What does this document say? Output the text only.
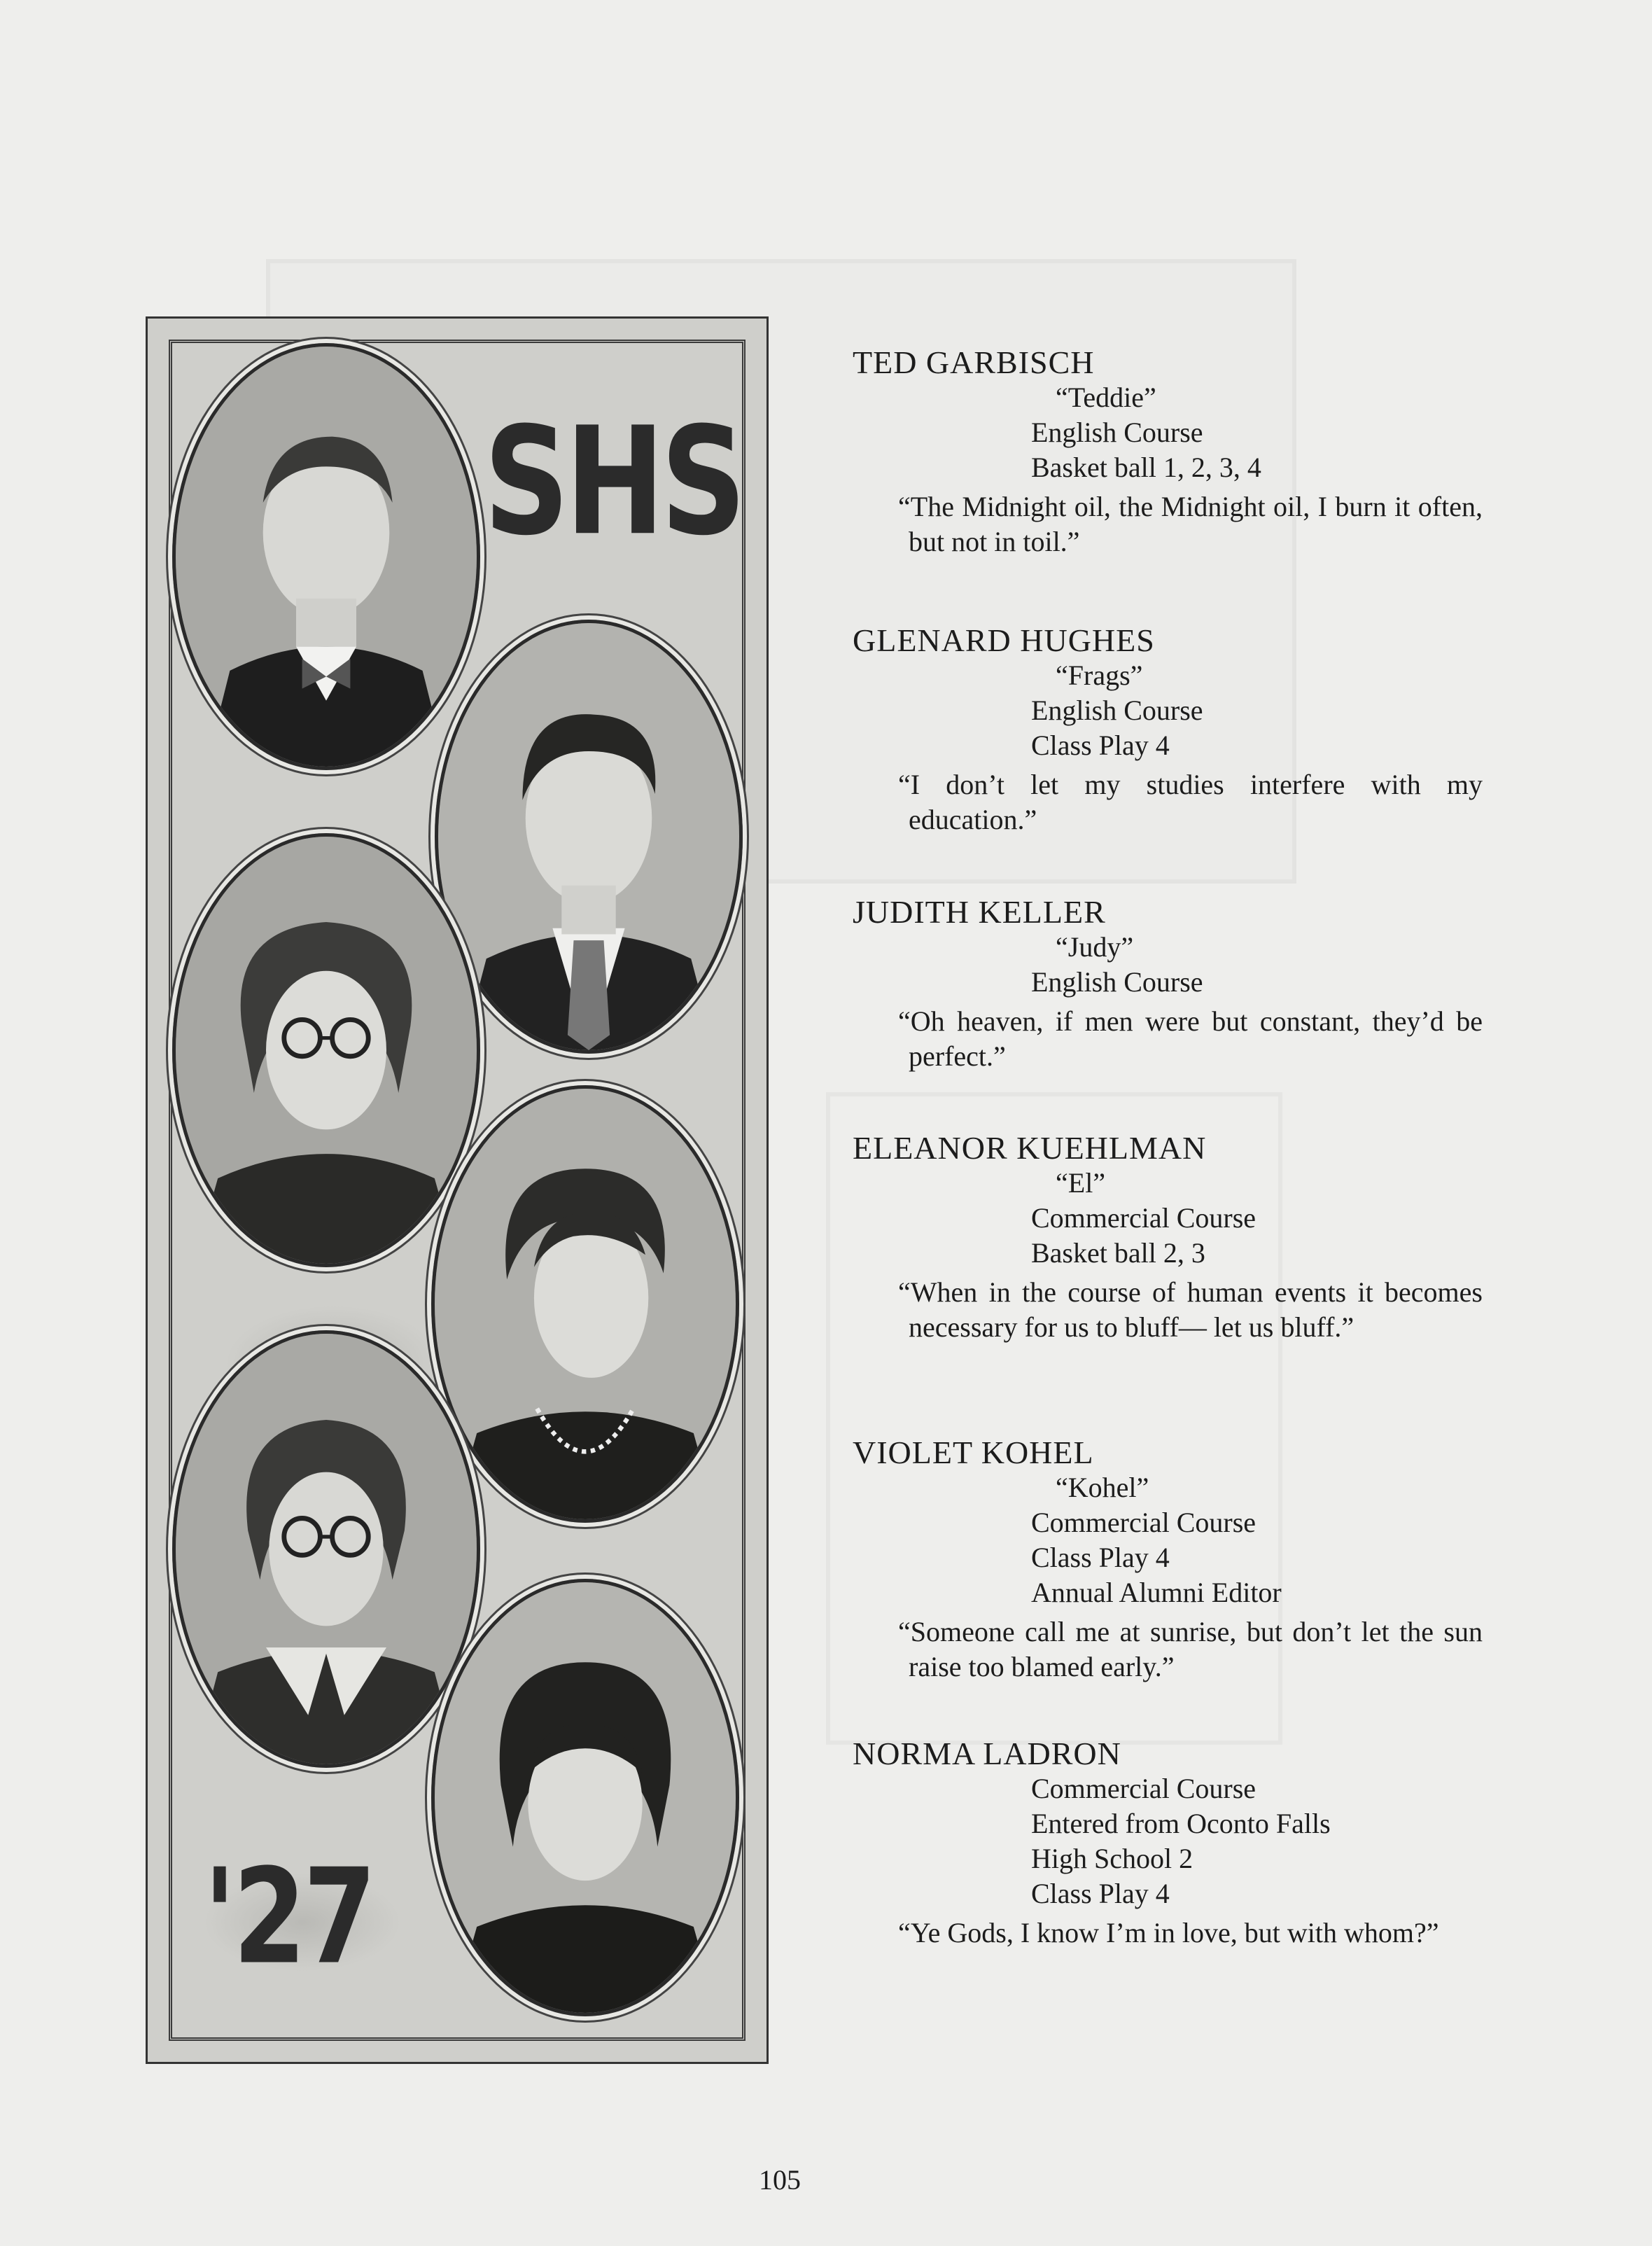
SHS
'27

TED GARBISCH

“Teddie”

English Course

Basket ball 1, 2, 3, 4

“The Midnight oil, the Midnight oil, I burn it often, but not in toil.”

GLENARD HUGHES

“Frags”

English Course

Class Play 4

“I don’t let my studies interfere with my education.”

JUDITH KELLER

“Judy”

English Course

“Oh heaven, if men were but constant, they’d be perfect.”

ELEANOR KUEHLMAN

“El”

Commercial Course

Basket ball 2, 3

“When in the course of human events it becomes necessary for us to bluff— let us bluff.”

VIOLET KOHEL

“Kohel”

Commercial Course

Class Play 4

Annual Alumni Editor

“Someone call me at sunrise, but don’t let the sun raise too blamed early.”

NORMA LADRON

Commercial Course

Entered from Oconto Falls

High School 2

Class Play 4

“Ye Gods, I know I’m in love, but with whom?”

105
